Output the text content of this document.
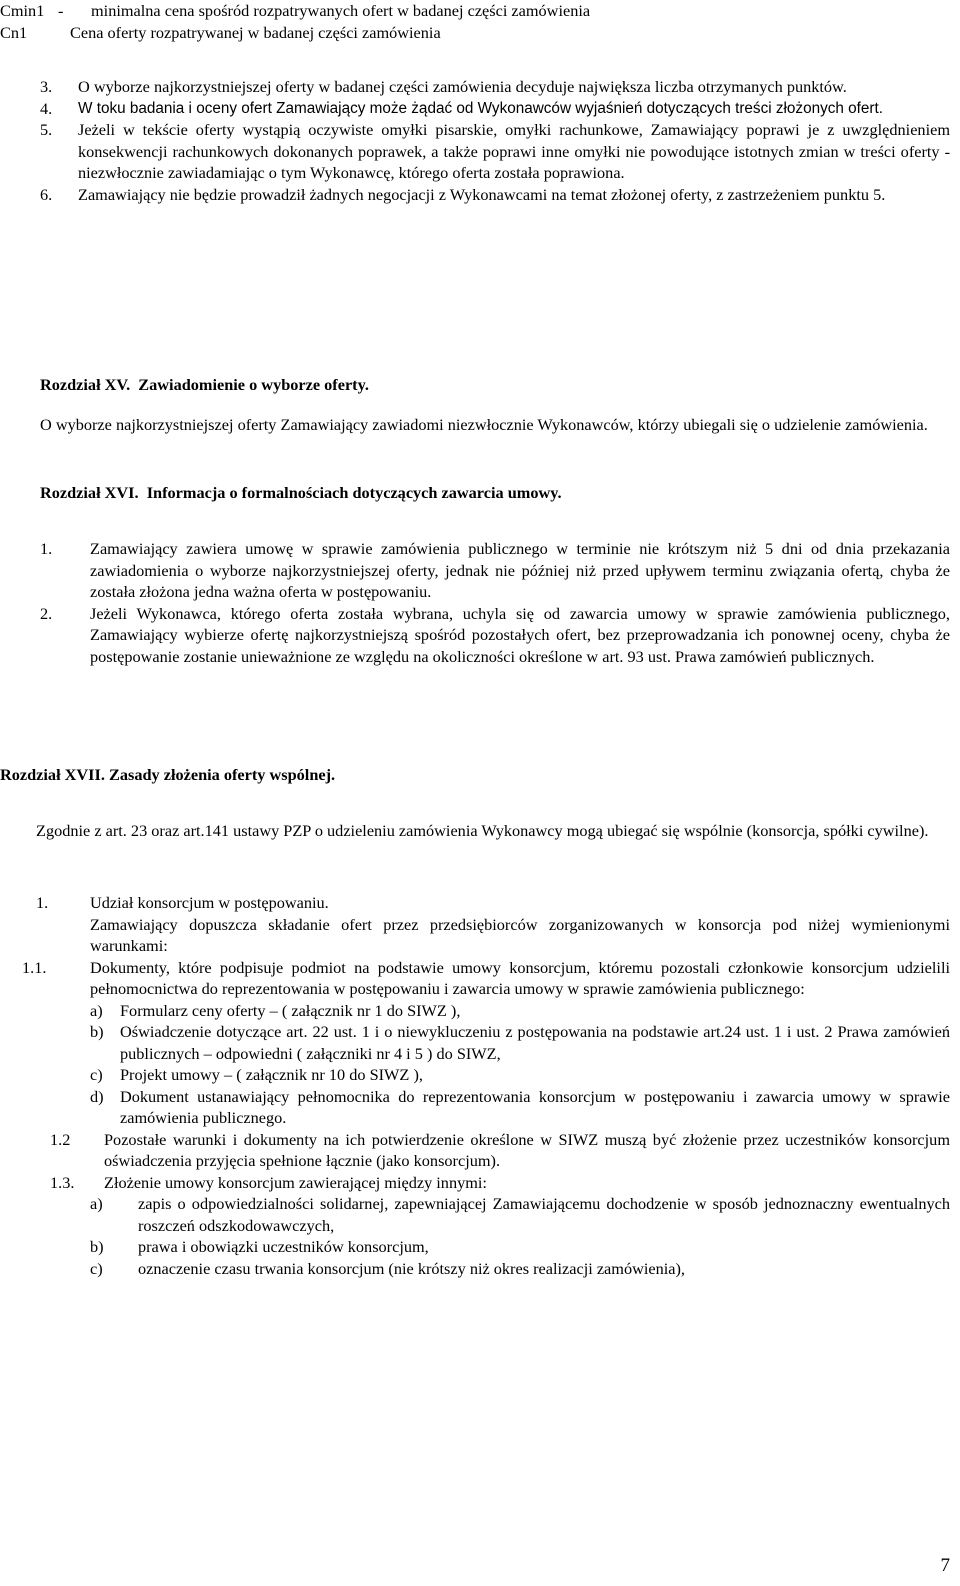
Cmin1 -	minimalna cena spośród rozpatrywanych ofert w badanej części zamówienia
Cn1	Cena oferty rozpatrywanej w badanej części zamówienia
3.	O wyborze najkorzystniejszej oferty w badanej części zamówienia decyduje największa liczba otrzymanych punktów.
4.	W toku badania i oceny ofert Zamawiający może żądać od Wykonawców wyjaśnień dotyczących treści złożonych ofert.
5.	Jeżeli w tekście oferty wystąpią oczywiste omyłki pisarskie, omyłki rachunkowe, Zamawiający poprawi je z uwzględnieniem konsekwencji rachunkowych dokonanych poprawek, a także poprawi inne omyłki nie powodujące istotnych zmian w treści oferty - niezwłocznie zawiadamiając o tym Wykonawcę, którego oferta została poprawiona.
6.	Zamawiający nie będzie prowadził żadnych negocjacji z Wykonawcami na temat złożonej oferty, z zastrzeżeniem punktu 5.
Rozdział XV.  Zawiadomienie o wyborze oferty.
O wyborze najkorzystniejszej oferty Zamawiający zawiadomi niezwłocznie Wykonawców, którzy ubiegali się o udzielenie zamówienia.
Rozdział XVI.  Informacja o formalnościach dotyczących zawarcia umowy.
1.	Zamawiający zawiera umowę w sprawie zamówienia publicznego w terminie nie krótszym niż 5 dni od dnia przekazania zawiadomienia o wyborze najkorzystniejszej oferty, jednak nie później niż przed upływem terminu związania ofertą, chyba że została złożona jedna ważna oferta w postępowaniu.
2.	Jeżeli Wykonawca, którego oferta została wybrana, uchyla się od zawarcia umowy w sprawie zamówienia publicznego, Zamawiający wybierze ofertę najkorzystniejszą spośród pozostałych ofert, bez przeprowadzania ich ponownej oceny, chyba że postępowanie zostanie unieważnione ze względu na okoliczności określone w art. 93 ust. Prawa zamówień publicznych.
Rozdział XVII. Zasady złożenia oferty wspólnej.
Zgodnie z art. 23 oraz art.141 ustawy PZP o udzieleniu zamówienia Wykonawcy mogą ubiegać się wspólnie (konsorcja, spółki cywilne).
1.	Udział konsorcjum w postępowaniu.
Zamawiający dopuszcza składanie ofert przez przedsiębiorców zorganizowanych w konsorcja pod niżej wymienionymi warunkami:
1.1.	Dokumenty, które podpisuje podmiot na podstawie umowy konsorcjum, któremu pozostali członkowie konsorcjum udzielili pełnomocnictwa do reprezentowania w postępowaniu i zawarcia umowy w sprawie zamówienia publicznego:
a)	Formularz ceny oferty – ( załącznik nr 1 do SIWZ ),
b)	Oświadczenie dotyczące art. 22 ust. 1 i o niewykluczeniu z postępowania na podstawie art.24 ust. 1 i ust. 2 Prawa zamówień publicznych – odpowiedni ( załączniki nr 4 i 5 ) do SIWZ,
c)	Projekt umowy – ( załącznik nr 10 do SIWZ ),
d)	Dokument ustanawiający pełnomocnika do reprezentowania konsorcjum w postępowaniu i zawarcia umowy w sprawie zamówienia publicznego.
1.2	Pozostałe warunki i dokumenty na ich potwierdzenie określone w SIWZ muszą być złożenie przez uczestników konsorcjum oświadczenia przyjęcia spełnione łącznie (jako konsorcjum).
1.3.	Złożenie umowy konsorcjum zawierającej między innymi:
a)	zapis o odpowiedzialności solidarnej, zapewniającej Zamawiającemu dochodzenie w sposób jednoznaczny ewentualnych roszczeń odszkodowawczych,
b)	prawa i obowiązki uczestników konsorcjum,
c)	oznaczenie czasu trwania konsorcjum (nie krótszy niż okres realizacji zamówienia),
7
